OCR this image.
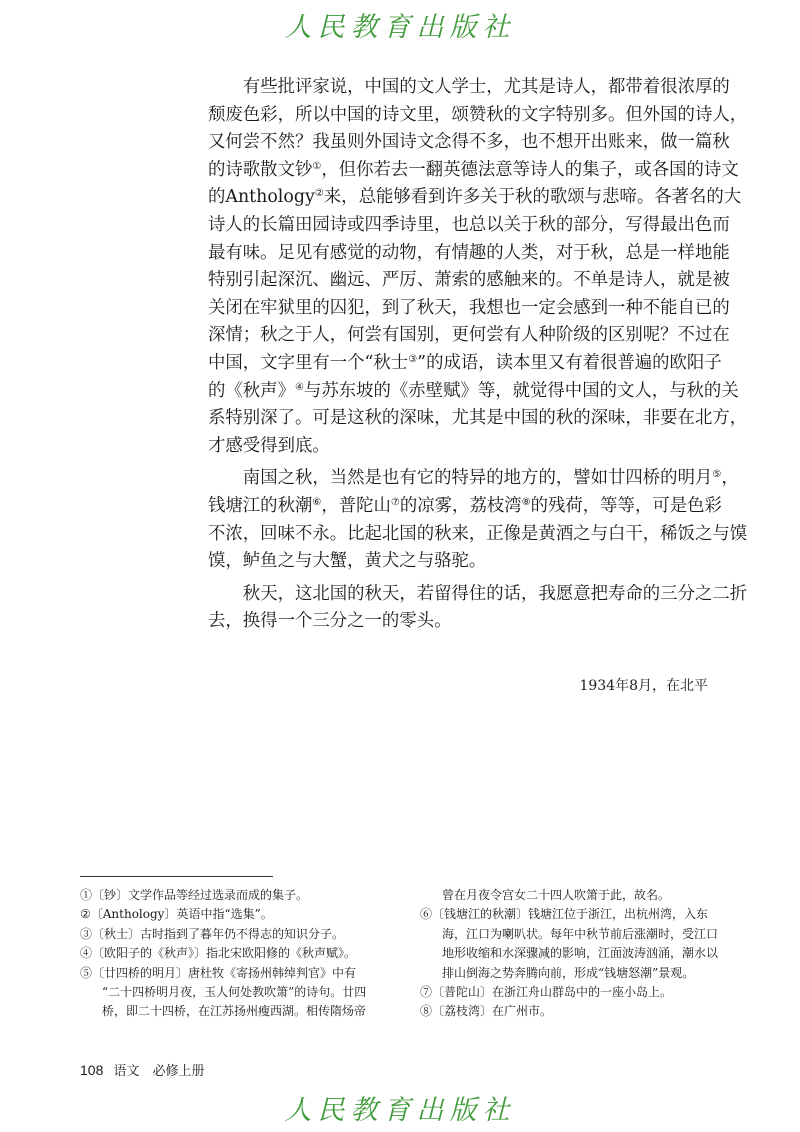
人民教育出版社
有些批评家说，中国的文人学士，尤其是诗人，都带着很浓厚的
颓废色彩，所以中国的诗文里，颂赞秋的文字特别多。但外国的诗人，
又何尝不然？我虽则外国诗文念得不多，也不想开出账来，做一篇秋
的诗歌散文钞①，但你若去一翻英德法意等诗人的集子，或各国的诗文
的Anthology②来，总能够看到许多关于秋的歌颂与悲啼。各著名的大
诗人的长篇田园诗或四季诗里，也总以关于秋的部分，写得最出色而
最有味。足见有感觉的动物，有情趣的人类，对于秋，总是一样地能
特别引起深沉、幽远、严厉、萧索的感触来的。不单是诗人，就是被
关闭在牢狱里的囚犯，到了秋天，我想也一定会感到一种不能自已的
深情；秋之于人，何尝有国别，更何尝有人种阶级的区别呢？不过在
中国，文字里有一个“秋士③”的成语，读本里又有着很普遍的欧阳子
的《秋声》④与苏东坡的《赤壁赋》等，就觉得中国的文人，与秋的关
系特别深了。可是这秋的深味，尤其是中国的秋的深味，非要在北方，
才感受得到底。
南国之秋，当然是也有它的特异的地方的，譬如廿四桥的明月⑤，
钱塘江的秋潮⑥，普陀山⑦的凉雾，荔枝湾⑧的残荷，等等，可是色彩
不浓，回味不永。比起北国的秋来，正像是黄酒之与白干，稀饭之与馍
馍，鲈鱼之与大蟹，黄犬之与骆驼。
秋天，这北国的秋天，若留得住的话，我愿意把寿命的三分之二折
去，换得一个三分之一的零头。
1934年8月，在北平
①〔钞〕文学作品等经过选录而成的集子。
②〔Anthology〕英语中指“选集”。
③〔秋士〕古时指到了暮年仍不得志的知识分子。
④〔欧阳子的《秋声》〕指北宋欧阳修的《秋声赋》。
⑤〔廿四桥的明月〕唐杜牧《寄扬州韩绰判官》中有
“二十四桥明月夜，玉人何处教吹箫”的诗句。廿四
桥，即二十四桥，在江苏扬州瘦西湖。相传隋炀帝
曾在月夜令宫女二十四人吹箫于此，故名。
⑥〔钱塘江的秋潮〕钱塘江位于浙江，出杭州湾，入东
海，江口为喇叭状。每年中秋节前后涨潮时，受江口
地形收缩和水深骤减的影响，江面波涛汹涌，潮水以
排山倒海之势奔腾向前，形成“钱塘怒潮”景观。
⑦〔普陀山〕在浙江舟山群岛中的一座小岛上。
⑧〔荔枝湾〕在广州市。
108 语文　必修上册
人民教育出版社
